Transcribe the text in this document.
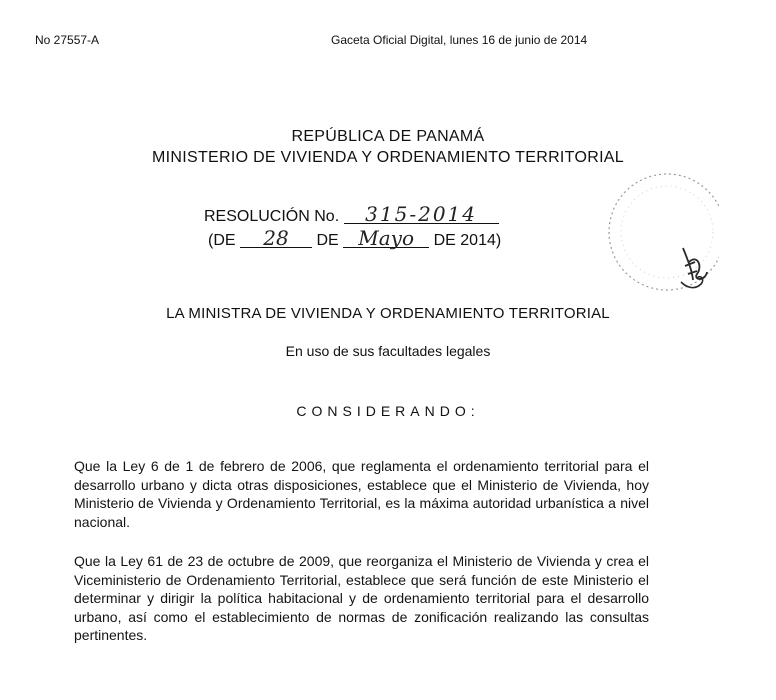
No 27557-A	Gaceta Oficial Digital, lunes 16 de junio de 2014
REPÚBLICA DE PANAMÁ
MINISTERIO DE VIVIENDA Y ORDENAMIENTO TERRITORIAL
RESOLUCIÓN No. 315-2014
(DE 28 DE Mayo DE 2014)
LA MINISTRA DE VIVIENDA Y ORDENAMIENTO TERRITORIAL
En uso de sus facultades legales
CONSIDERANDO:
Que la Ley 6 de 1 de febrero de 2006, que reglamenta el ordenamiento territorial para el desarrollo urbano y dicta otras disposiciones, establece que el Ministerio de Vivienda, hoy Ministerio de Vivienda y Ordenamiento Territorial, es la máxima autoridad urbanística a nivel nacional.
Que la Ley 61 de 23 de octubre de 2009, que reorganiza el Ministerio de Vivienda y crea el Viceministerio de Ordenamiento Territorial, establece que será función de este Ministerio el determinar y dirigir la política habitacional y de ordenamiento territorial para el desarrollo urbano, así como el establecimiento de normas de zonificación realizando las consultas pertinentes.
